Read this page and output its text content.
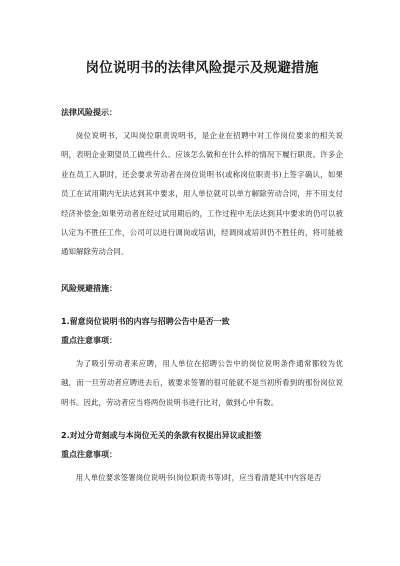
岗位说明书的法律风险提示及规避措施
法律风险提示：
岗位说明书，又叫岗位职责说明书，是企业在招聘中对工作岗位要求的相关说明，表明企业期望员工做些什么、应该怎么做和在什么样的情况下履行职责。许多企业在员工入职时，还会要求劳动者在岗位说明书(或称岗位职责书)上签字确认，如果员工在试用期内无法达到其中要求，用人单位就可以单方解除劳动合同，并不用支付经济补偿金;如果劳动者在经过试用期后的，工作过程中无法达到其中要求的仍可以被认定为不胜任工作，公司可以进行调岗或培训，经调岗或培训仍不胜任的，将可能被通知解除劳动合同。
风险规避措施：
1.留意岗位说明书的内容与招聘公告中是否一致
重点注意事项：
为了吸引劳动者来应聘，用人单位在招聘公告中的岗位说明条件通常都较为优越，而一旦劳动者应聘进去后，被要求签署的很可能就不是当初所看到的那份岗位说明书。因此，劳动者应当将两份说明书进行比对，做到心中有数。
2.对过分苛刻或与本岗位无关的条款有权提出异议或拒签
重点注意事项：
用人单位要求签署岗位说明书(岗位职责书等)时，应当看清楚其中内容是否
